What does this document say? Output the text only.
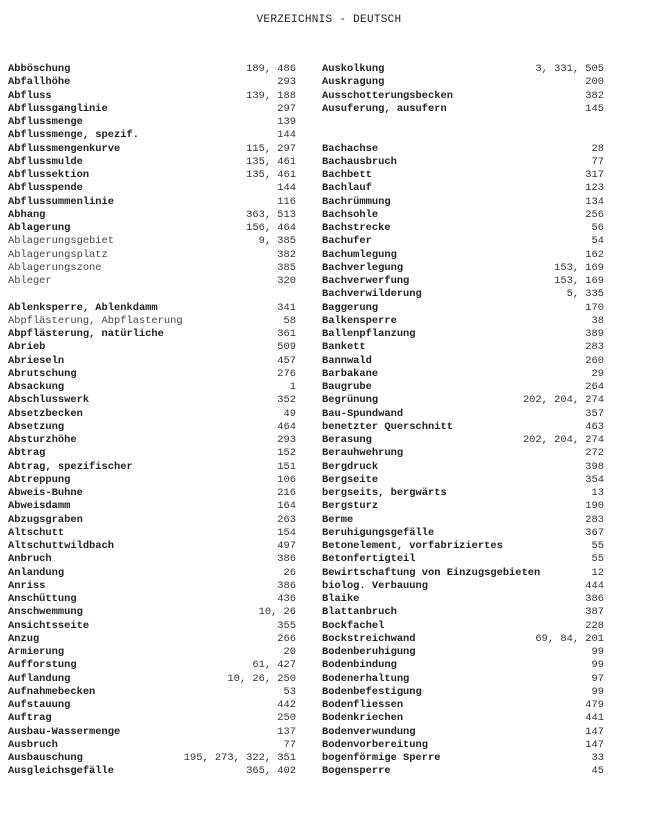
VERZEICHNIS - DEUTSCH
Abböschung	189, 486
Abfallhöhe	293
Abfluss	139, 188
Abflussganglinie	297
Abflussmenge	139
Abflussmenge, spezif.	144
Abflussmengenkurve	115, 297
Abflussmulde	135, 461
Abflussektion	135, 461
Abflusspende	144
Abflussummenlinie	116
Abhang	363, 513
Ablagerung	156, 464
Ablagerungsgebiet	9, 385
Ablagerungsplatz	382
Ablagerungszone	385
Ableger	320
Ablenksperre, Ablenkdamm	341
Abpflästerung, Abpflasterung	58
Abpflästerung, natürliche	361
Abrieb	509
Abrieseln	457
Abrutschung	276
Absackung	1
Abschlusswerk	352
Absetzbecken	49
Absetzung	464
Absturzhöhe	293
Abtrag	152
Abtrag, spezifischer	151
Abtreppung	106
Abweis-Buhne	216
Abweisdamm	164
Abzugsgraben	263
Altschutt	154
Altschuttwildbach	497
Anbruch	386
Anlandung	26
Anriss	386
Anschüttung	436
Anschwemmung	10, 26
Ansichtsseite	355
Anzug	266
Armierung	20
Aufforstung	61, 427
Auflandung	10, 26, 250
Aufnahmebecken	53
Aufstauung	442
Auftrag	250
Ausbau-Wassermenge	137
Ausbruch	77
Ausbauschung	195, 273, 322, 351
Ausgleichsgefälle	365, 402
Auskolkung	3, 331, 505
Auskragung	200
Ausschotterungsbecken	382
Ausuferung, ausufern	145
Bachachse	28
Bachausbruch	77
Bachbett	317
Bachlauf	123
Bachrümmung	134
Bachsohle	256
Bachstrecke	56
Bachufer	54
Bachumlegung	162
Bachverlegung	153, 169
Bachverwerfung	153, 169
Bachverwilderung	5, 335
Baggerung	170
Balkensperre	38
Ballenpflanzung	389
Bankett	283
Bannwald	260
Barbakane	29
Baugrube	264
Begrünung	202, 204, 274
Bau-Spundwand	357
benetzter Querschnitt	463
Berasung	202, 204, 274
Berauhwehrung	272
Bergdruck	398
Bergseite	354
bergseits, bergwärts	13
Bergsturz	190
Berme	283
Beruhigungsgefälle	367
Betonelement, vorfabriziertes	55
Betonfertigteil	55
Bewirtschaftung von Einzugsgebieten	12
biolog. Verbauung	444
Blaike	386
Blattanbruch	387
Bockfachel	228
Bockstreichwand	69, 84, 201
Bodenberuhigung	99
Bodenbindung	99
Bodenerhaltung	97
Bodenbefestigung	99
Bodenfliessen	479
Bodenkriechen	441
Bodenverwundung	147
Bodenvorbereitung	147
bogenförmige Sperre	33
Bogensperre	45
